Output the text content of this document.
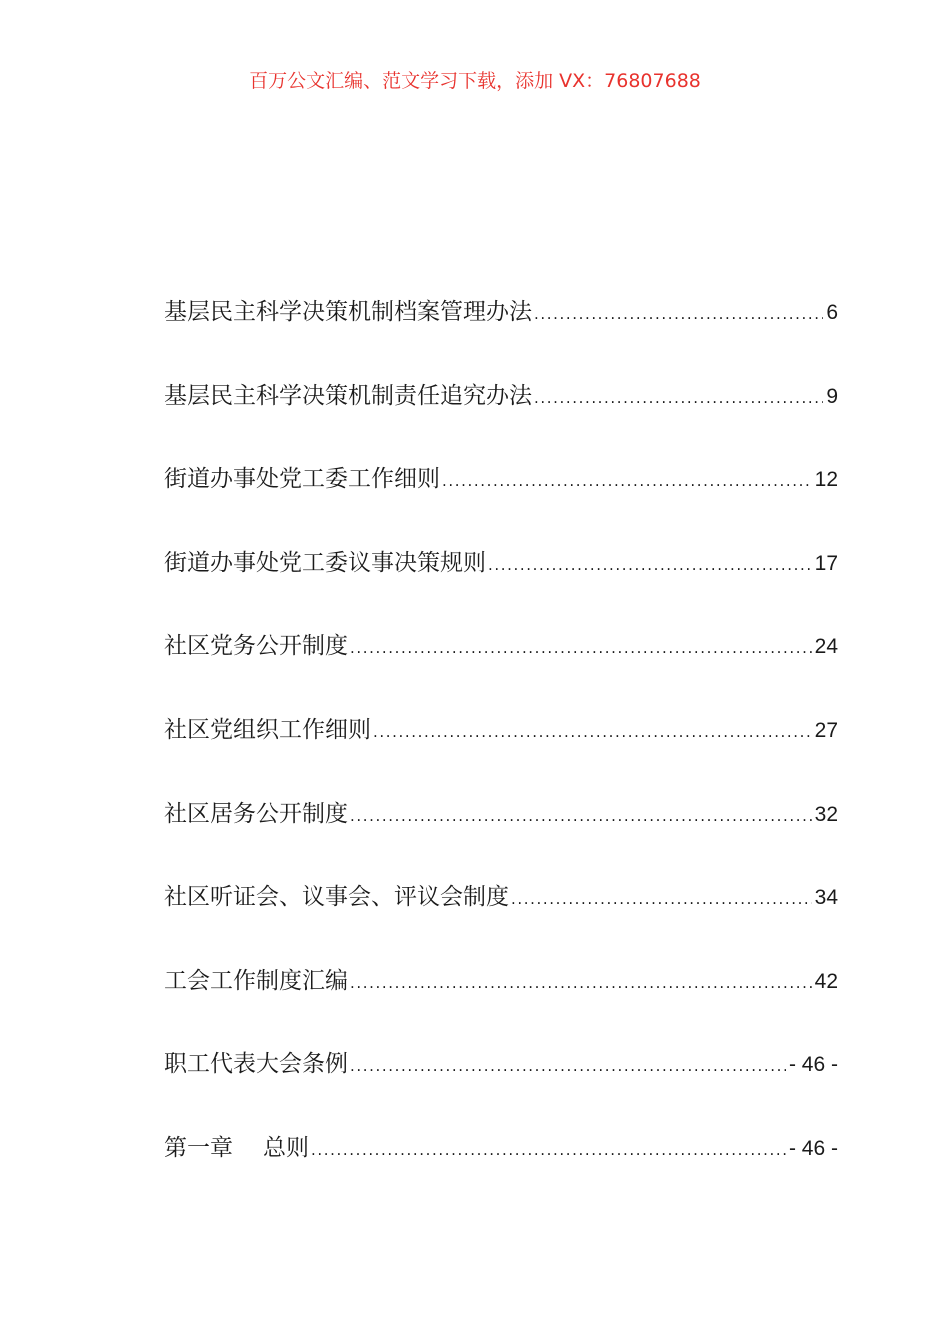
百万公文汇编、范文学习下载，添加 VX：76807688
基层民主科学决策机制档案管理办法 .....	6
基层民主科学决策机制责任追究办法 .....	9
街道办事处党工委工作细则 .....	12
街道办事处党工委议事决策规则 .....	17
社区党务公开制度 .....	24
社区党组织工作细则 .....	27
社区居务公开制度 .....	32
社区听证会、议事会、评议会制度 .....	34
工会工作制度汇编 .....	42
职工代表大会条例 .....	- 46 -
第一章 总则 .....	- 46 -
